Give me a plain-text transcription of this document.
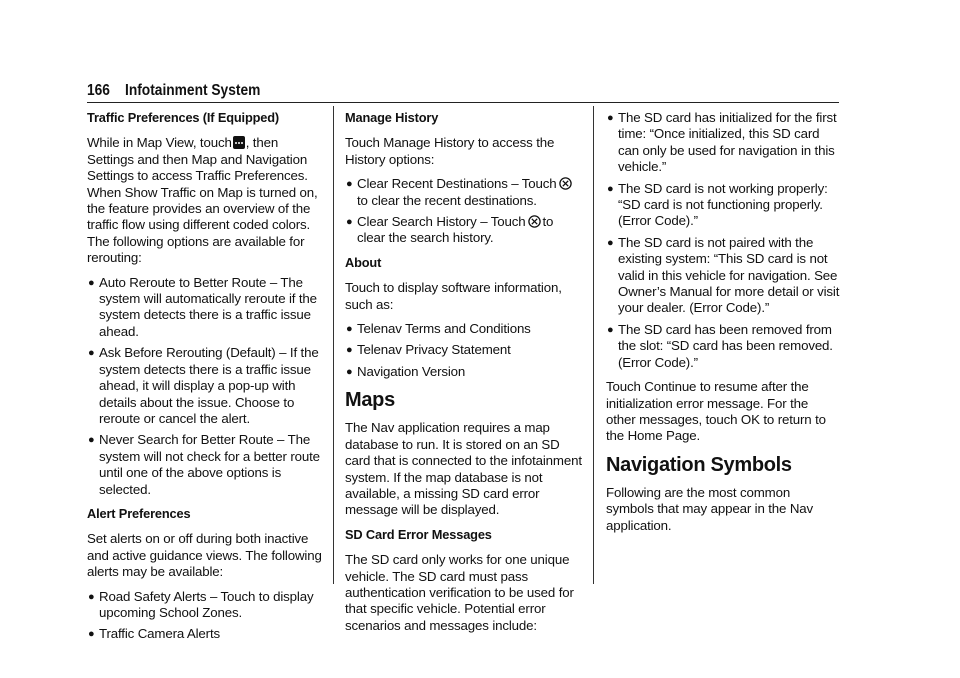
166 Infotainment System

Traffic Preferences (If Equipped)

While in Map View, touch , then Settings and then Map and Navigation Settings to access Traffic Preferences. When Show Traffic on Map is turned on, the feature provides an overview of the traffic flow using different coded colors. The following options are available for rerouting:

● Auto Reroute to Better Route – The system will automatically reroute if the system detects there is a traffic issue ahead.
● Ask Before Rerouting (Default) – If the system detects there is a traffic issue ahead, it will display a pop-up with details about the issue. Choose to reroute or cancel the alert.
● Never Search for Better Route – The system will not check for a better route until one of the above options is selected.

Alert Preferences

Set alerts on or off during both inactive and active guidance views. The following alerts may be available:

● Road Safety Alerts – Touch to display upcoming School Zones.
● Traffic Camera Alerts

Manage History

Touch Manage History to access the History options:

● Clear Recent Destinations – Touchto clear the recent destinations.
● Clear Search History – Touch to clear the search history.

About

Touch to display software information, such as:

● Telenav Terms and Conditions
● Telenav Privacy Statement
● Navigation Version

Maps

The Nav application requires a map database to run. It is stored on an SD card that is connected to the infotainment system. If the map database is not available, a missing SD card error message will be displayed.

SD Card Error Messages

The SD card only works for one unique vehicle. The SD card must pass authentication verification to be used for that specific vehicle. Potential error scenarios and messages include:

● The SD card has initialized for the first time: “Once initialized, this SD card can only be used for navigation in this vehicle.”
● The SD card is not working properly: “SD card is not functioning properly. (Error Code).”
● The SD card is not paired with the existing system: “This SD card is not valid in this vehicle for navigation. See Owner’s Manual for more detail or visit your dealer. (Error Code).”
● The SD card has been removed from the slot: “SD card has been removed. (Error Code).”

Touch Continue to resume after the initialization error message. For the other messages, touch OK to return to the Home Page.

Navigation Symbols

Following are the most common symbols that may appear in the Nav application.
